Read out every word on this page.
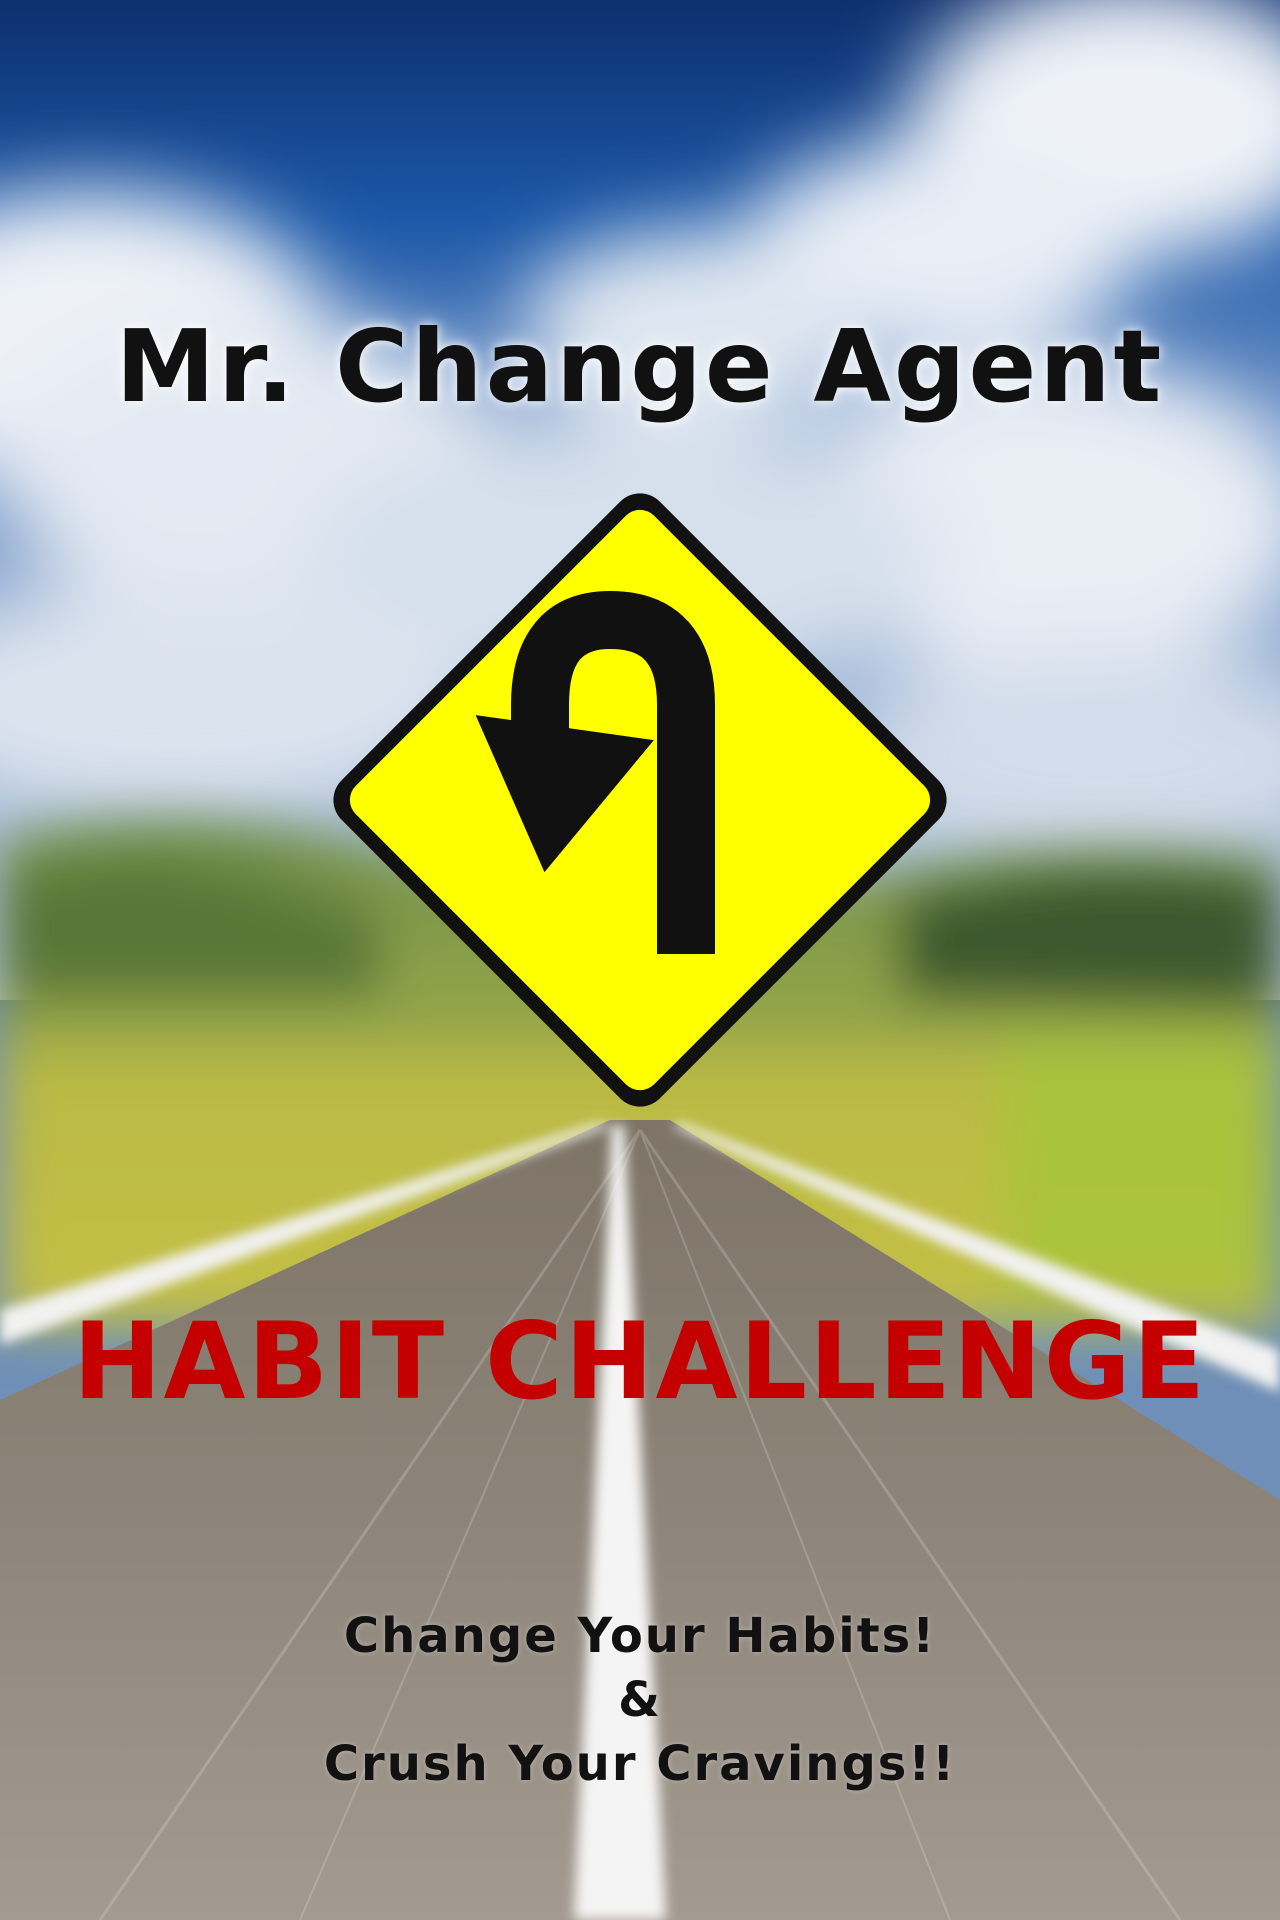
Mr. Change Agent
HABIT CHALLENGE
Change Your Habits!
&
Crush Your Cravings!!
